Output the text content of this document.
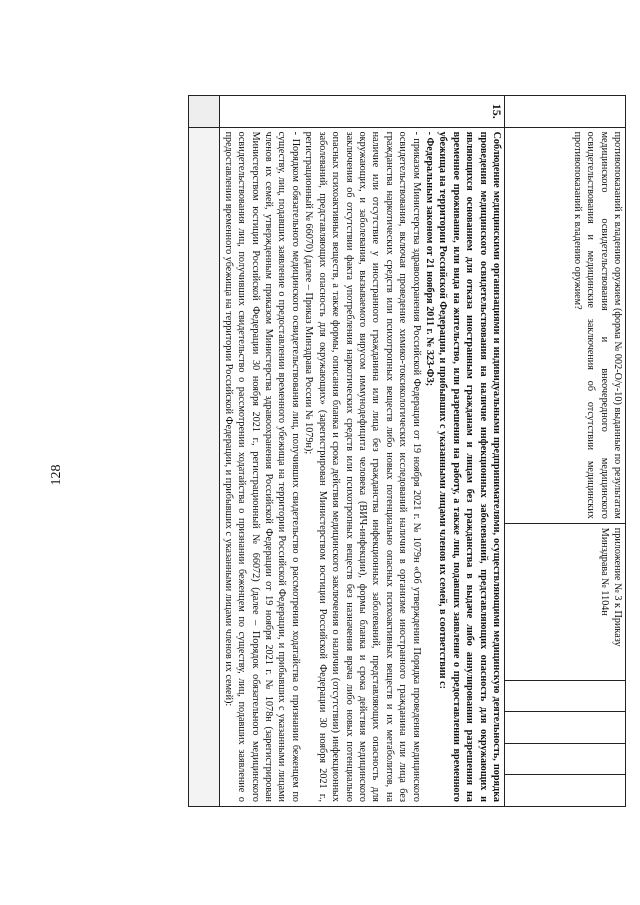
128
		противопоказаний к владению оружием (форма № 002-О/у-10) выданные по результатам медицинского освидетельствования и внеочередного медицинского освидетельствования и медицинские заключения об отсутствии медицинских противопоказаний к владению оружием?	приложение № 3 к Приказу Минздрава № 1104н				
15.	Соблюдение медицинскими организациями и индивидуальными предпринимателями, осуществляющими медицинскую деятельность, порядка проведения медицинского освидетельствования на наличие инфекционных заболеваний, представляющих опасность для окружающих и являющихся основанием для отказа иностранным гражданам и лицам без гражданства в выдаче либо аннулировании разрешения на временное проживание, или вида на жительство, или разрешения на работу, а также лиц, подавших заявление о предоставлении временного убежища на территории Российской Федерации, и прибывших с указанными лицами членов их семей, в соответствии с:

- Федеральным законом от 21 ноября 2011 г. № 323-ФЗ;

- приказом Министерства здравоохранения Российской Федерации от 19 ноября 2021 г. № 1079н «Об утверждении Порядка проведения медицинского освидетельствования, включая проведение химико-токсикологических исследований наличия в организме иностранного гражданина или лица без гражданства наркотических средств или психотропных веществ либо новых потенциально опасных психоактивных веществ и их метаболитов, на наличие или отсутствие у иностранного гражданина или лица без гражданства инфекционных заболеваний, представляющих опасность для окружающих, и заболевания, вызываемого вирусом иммунодефицита человека (ВИЧ-инфекции), формы бланка и срока действия медицинского заключения об отсутствии факта употребления наркотических средств или психотропных веществ без назначения врача либо новых потенциально опасных психоактивных веществ, а также формы, описания бланка и срока действия медицинского заключения о наличии (отсутствии) инфекционных заболеваний, представляющих опасность для окружающих» (зарегистрирован Министерством юстиции Российской Федерации 30 ноября 2021 г., регистрационный № 66070) (далее – Приказ Минздрава России № 1079н);

- Порядком обязательного медицинского освидетельствования лиц, получивших свидетельство о рассмотрении ходатайства о признании беженцем по существу, лиц, подавших заявление о предоставлении временного убежища на территории Российской Федерации, и прибывших с указанными лицами членов их семей, утвержденным приказом Министерства здравоохранения Российской Федерации от 19 ноября 2021 г. № 1078н (зарегистрирован Министерством юстиции Российской Федерации 30 ноября 2021 г., регистрационный № 66072) (далее – Порядок обязательного медицинского освидетельствования лиц, получивших свидетельство о рассмотрении ходатайства о признании беженцем по существу, лиц, подавших заявление о предоставлении временного убежища на территории Российской Федерации, и прибывших с указанными лицами членов их семей):					
